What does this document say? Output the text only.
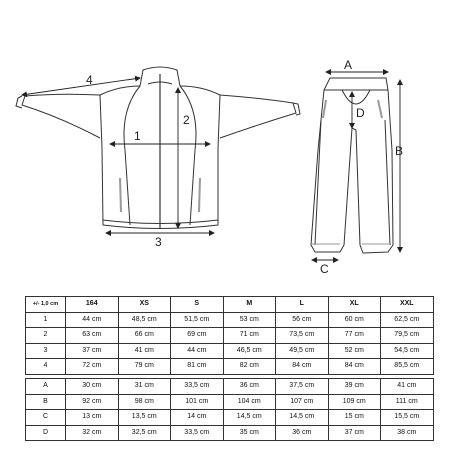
4
1
2
3
A
B
C
D
+/- 1,0 cm	164	XS	S	M	L	XL	XXL
1	44 cm	48,5 cm	51,5 cm	53 cm	56 cm	60 cm	62,5 cm
2	63 cm	66 cm	69 cm	71 cm	73,5 cm	77 cm	79,5 cm
3	37 cm	41 cm	44 cm	46,5 cm	49,5 cm	52 cm	54,5 cm
4	72 cm	79 cm	81 cm	82 cm	84 cm	84 cm	85,5 cm
A	30 cm	31 cm	33,5 cm	36 cm	37,5 cm	39 cm	41 cm
B	92 cm	98 cm	101 cm	104 cm	107 cm	109 cm	111 cm
C	13 cm	13,5 cm	14 cm	14,5 cm	14,5 cm	15 cm	15,5 cm
D	32 cm	32,5 cm	33,5 cm	35 cm	36 cm	37 cm	38 cm
